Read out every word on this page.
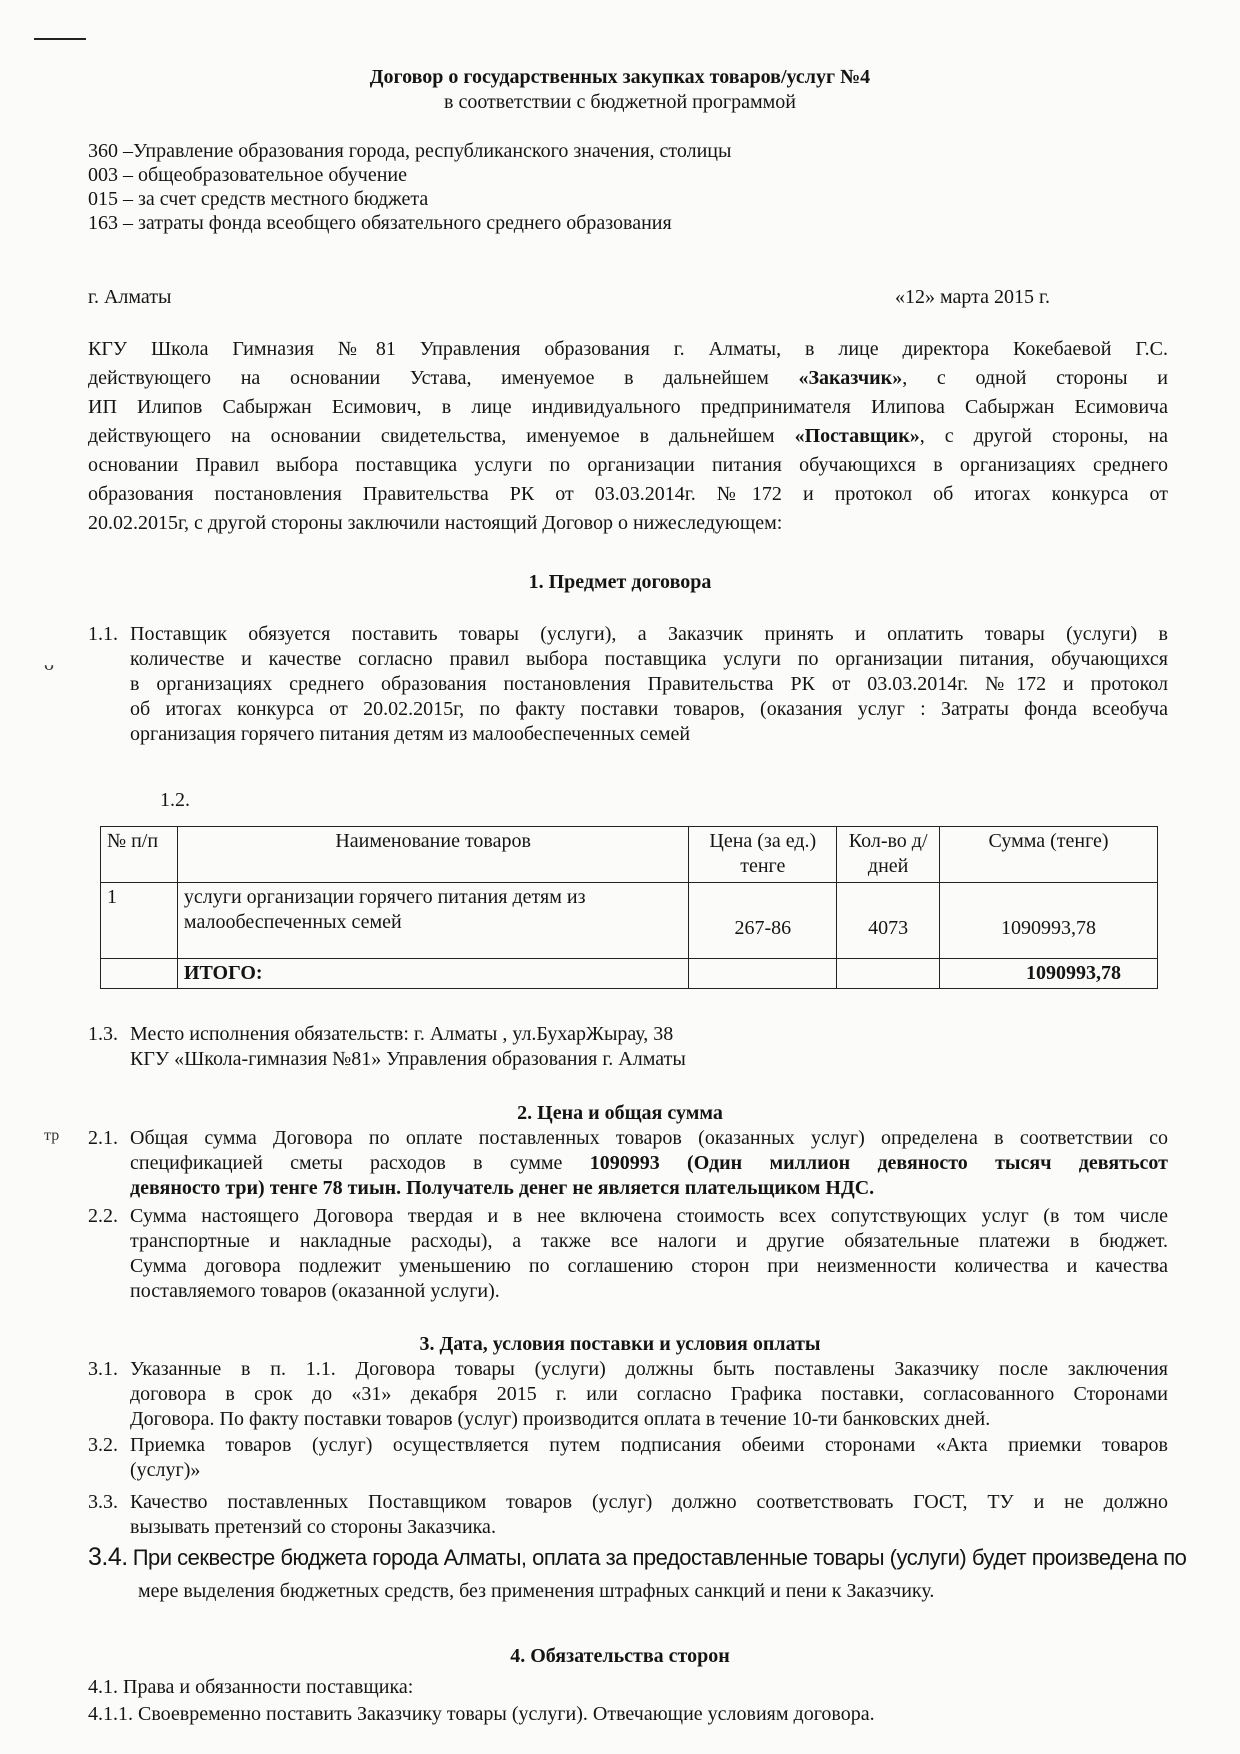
Договор о государственных закупках товаров/услуг №4
в соответствии с бюджетной программой
360 –Управление образования города, республиканского значения, столицы
003 – общеобразовательное обучение
015 – за счет средств местного бюджета
163 – затраты фонда всеобщего обязательного среднего образования
г. Алматы	«12» марта 2015 г.
КГУ Школа Гимназия №81 Управления образования г. Алматы, в лице директора Кокебаевой Г.С.
действующего на основании Устава, именуемое в дальнейшем «Заказчик», с одной стороны и
ИП Илипов Сабыржан Есимович, в лице индивидуального предпринимателя Илипова Сабыржан Есимовича
действующего на основании свидетельства, именуемое в дальнейшем «Поставщик», с другой стороны, на
основании Правил выбора поставщика услуги по организации питания обучающихся в организациях среднего
образования постановления Правительства РК от 03.03.2014г. №172 и протокол об итогах конкурса от
20.02.2015г, с другой стороны заключили настоящий Договор о нижеследующем:
1. Предмет договора
1.1. Поставщик обязуется поставить товары (услуги), а Заказчик принять и оплатить товары (услуги) в
количестве и качестве согласно правил выбора поставщика услуги по организации питания, обучающихся
в организациях среднего образования постановления Правительства РК от 03.03.2014г. №172 и протокол
об итогах конкурса от 20.02.2015г, по факту поставки товаров, (оказания услуг : Затраты фонда всеобуча
организация горячего питания детям из малообеспеченных семей
ᴗ
1.2.
№ п/п	Наименование товаров	Цена (за ед.) тенге	Кол-во д/дней	Сумма (тенге)
1	услуги организации горячего питания детям из малообеспеченных семей	267-86	4073	1090993,78
	ИТОГО:			1090993,78
1.3. Место исполнения обязательств: г. Алматы , ул.БухарЖырау, 38
КГУ «Школа-гимназия №81» Управления образования г. Алматы
2. Цена и общая сумма
2.1. Общая сумма Договора по оплате поставленных товаров (оказанных услуг) определена в соответствии со
спецификацией сметы расходов в сумме 1090993 (Один миллион девяносто тысяч девятьсот
девяносто три) тенге 78 тиын. Получатель денег не является плательщиком НДС.
тр
2.2. Сумма настоящего Договора твердая и в нее включена стоимость всех сопутствующих услуг (в том числе
транспортные и накладные расходы), а также все налоги и другие обязательные платежи в бюджет.
Сумма договора подлежит уменьшению по соглашению сторон при неизменности количества и качества
поставляемого товаров (оказанной услуги).
3. Дата, условия поставки и условия оплаты
3.1. Указанные в п. 1.1. Договора товары (услуги) должны быть поставлены Заказчику после заключения
договора в срок до «31» декабря 2015 г. или согласно Графика поставки, согласованного Сторонами
Договора. По факту поставки товаров (услуг) производится оплата в течение 10-ти банковских дней.
3.2. Приемка товаров (услуг) осуществляется путем подписания обеими сторонами «Акта приемки товаров
(услуг)»
3.3. Качество поставленных Поставщиком товаров (услуг) должно соответствовать ГОСТ, ТУ и не должно
вызывать претензий со стороны Заказчика.
3.4. При секвестре бюджета города Алматы, оплата за предоставленные товары (услуги) будет произведена по
мере выделения бюджетных средств, без применения штрафных санкций и пени к Заказчику.
4. Обязательства сторон
4.1. Права и обязанности поставщика:
4.1.1. Своевременно поставить Заказчику товары (услуги). Отвечающие условиям договора.
